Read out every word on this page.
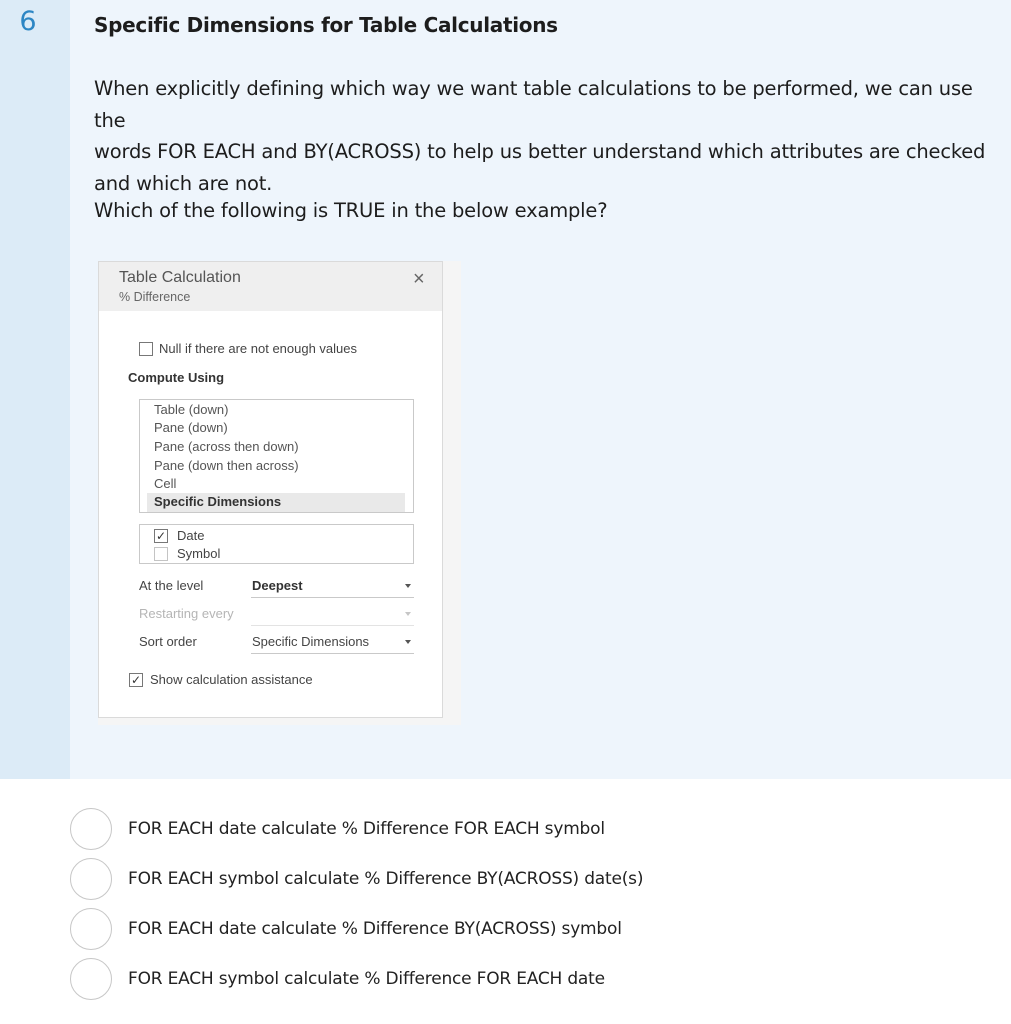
6	Specific Dimensions for Table Calculations
When explicitly defining which way we want table calculations to be performed, we can use the
words FOR EACH and BY(ACROSS) to help us better understand which attributes are checked
and which are not.
Which of the following is TRUE in the below example?
Table Calculation
% Difference
×
Null if there are not enough values
Compute Using
Table (down)
Pane (down)
Pane (across then down)
Pane (down then across)
Cell
Specific Dimensions
✓ Date
Symbol
At the level	Deepest
Restarting every
Sort order	Specific Dimensions
✓ Show calculation assistance
FOR EACH date calculate % Difference FOR EACH symbol
FOR EACH symbol calculate % Difference BY(ACROSS) date(s)
FOR EACH date calculate % Difference BY(ACROSS) symbol
FOR EACH symbol calculate % Difference FOR EACH date
